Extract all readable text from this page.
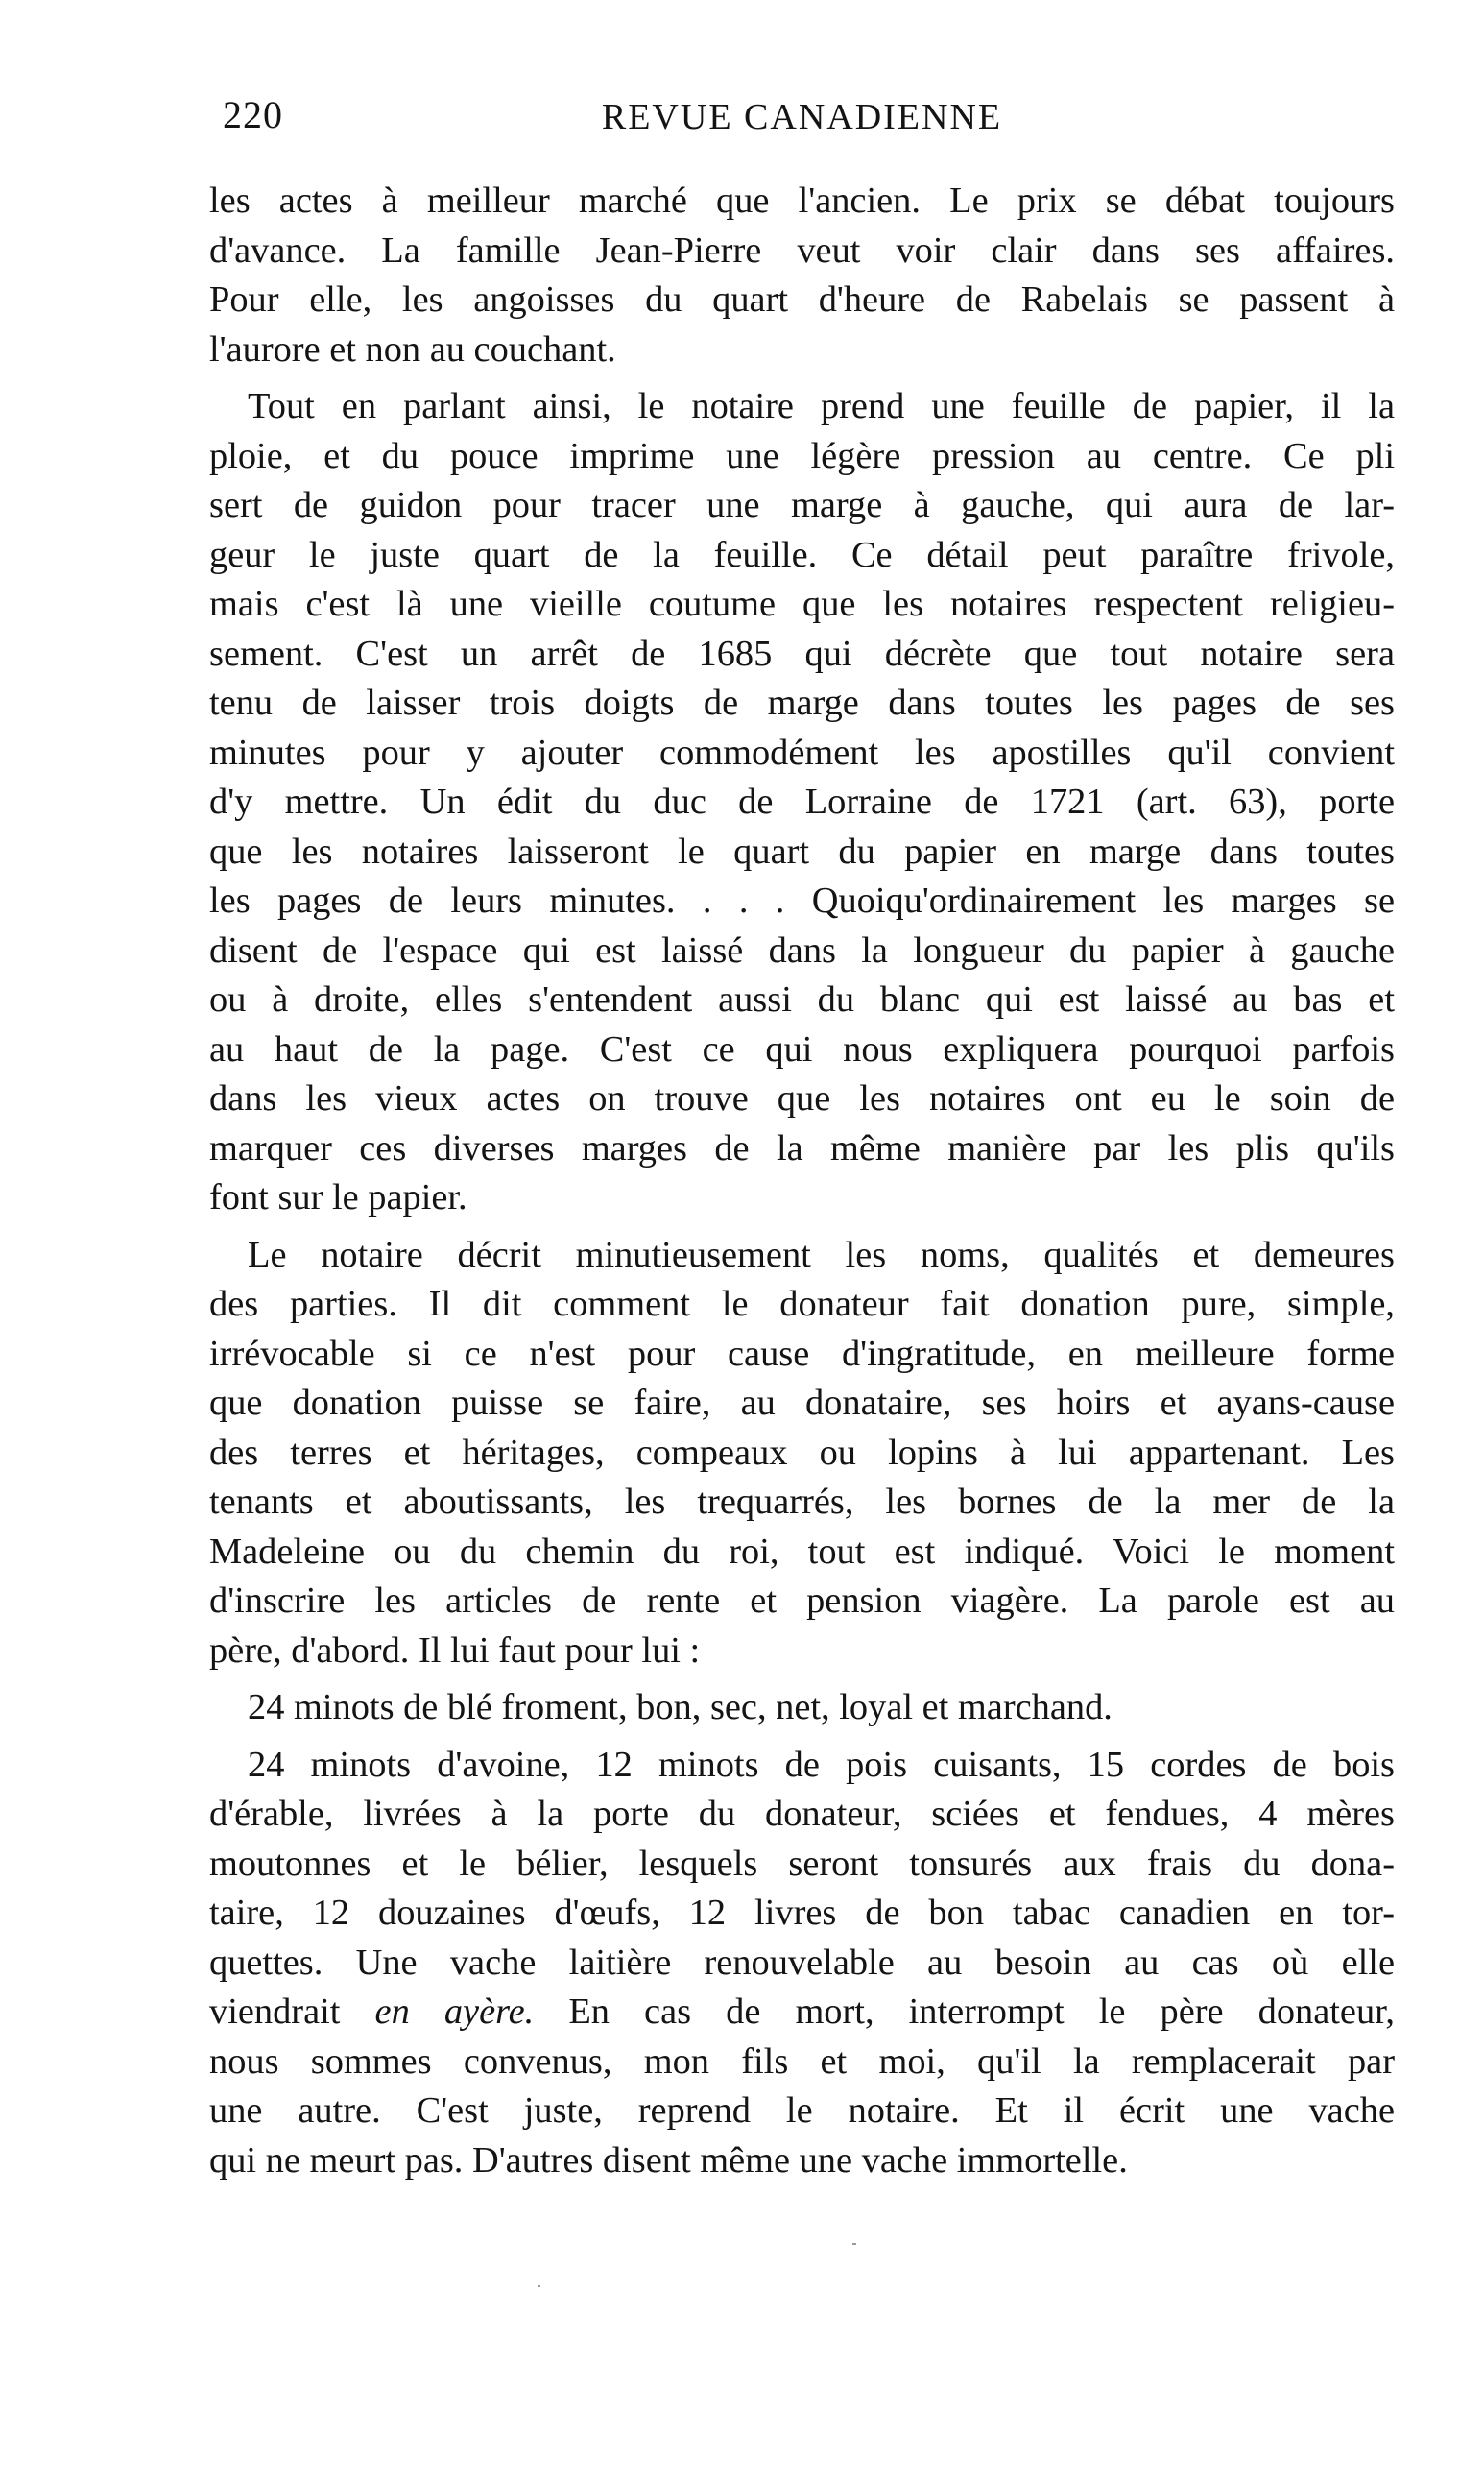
220	REVUE CANADIENNE
les actes à meilleur marché que l'ancien. Le prix se débat toujours
d'avance. La famille Jean-Pierre veut voir clair dans ses affaires.
Pour elle, les angoisses du quart d'heure de Rabelais se passent à
l'aurore et non au couchant.
Tout en parlant ainsi, le notaire prend une feuille de papier, il la
ploie, et du pouce imprime une légère pression au centre. Ce pli
sert de guidon pour tracer une marge à gauche, qui aura de lar-
geur le juste quart de la feuille. Ce détail peut paraître frivole,
mais c'est là une vieille coutume que les notaires respectent religieu-
sement. C'est un arrêt de 1685 qui décrète que tout notaire sera
tenu de laisser trois doigts de marge dans toutes les pages de ses
minutes pour y ajouter commodément les apostilles qu'il convient
d'y mettre. Un édit du duc de Lorraine de 1721 (art. 63), porte
que les notaires laisseront le quart du papier en marge dans toutes
les pages de leurs minutes. . . . Quoiqu'ordinairement les marges se
disent de l'espace qui est laissé dans la longueur du papier à gauche
ou à droite, elles s'entendent aussi du blanc qui est laissé au bas et
au haut de la page. C'est ce qui nous expliquera pourquoi parfois
dans les vieux actes on trouve que les notaires ont eu le soin de
marquer ces diverses marges de la même manière par les plis qu'ils
font sur le papier.
Le notaire décrit minutieusement les noms, qualités et demeures
des parties. Il dit comment le donateur fait donation pure, simple,
irrévocable si ce n'est pour cause d'ingratitude, en meilleure forme
que donation puisse se faire, au donataire, ses hoirs et ayans-cause
des terres et héritages, compeaux ou lopins à lui appartenant. Les
tenants et aboutissants, les trequarrés, les bornes de la mer de la
Madeleine ou du chemin du roi, tout est indiqué. Voici le moment
d'inscrire les articles de rente et pension viagère. La parole est au
père, d'abord. Il lui faut pour lui :
24 minots de blé froment, bon, sec, net, loyal et marchand.
24 minots d'avoine, 12 minots de pois cuisants, 15 cordes de bois
d'érable, livrées à la porte du donateur, sciées et fendues, 4 mères
moutonnes et le bélier, lesquels seront tonsurés aux frais du dona-
taire, 12 douzaines d'œufs, 12 livres de bon tabac canadien en tor-
quettes. Une vache laitière renouvelable au besoin au cas où elle
viendrait en ayère. En cas de mort, interrompt le père donateur,
nous sommes convenus, mon fils et moi, qu'il la remplacerait par
une autre. C'est juste, reprend le notaire. Et il écrit une vache
qui ne meurt pas. D'autres disent même une vache immortelle.
